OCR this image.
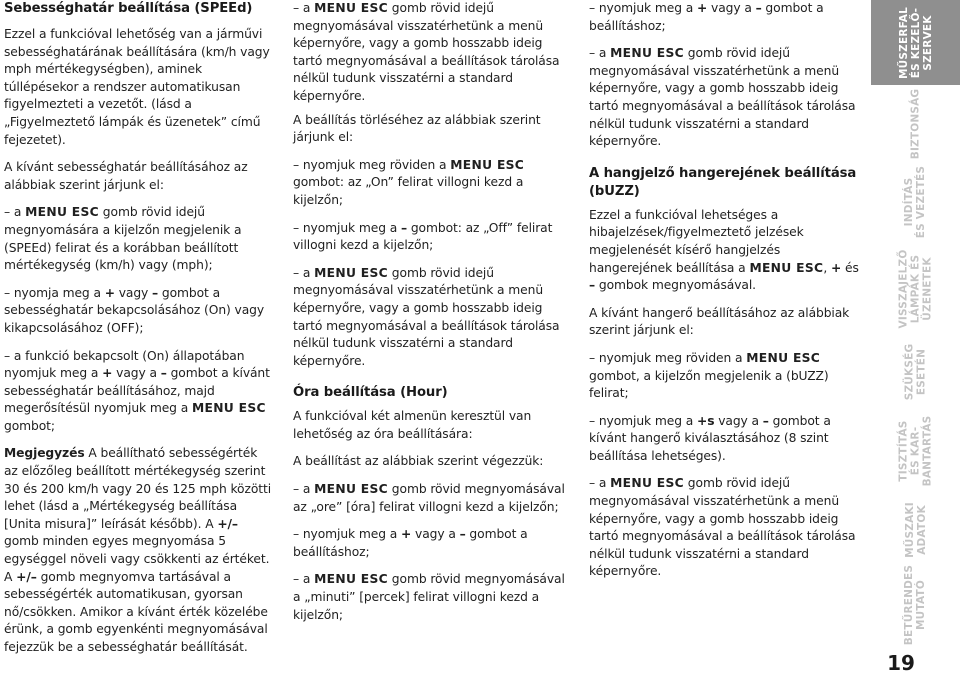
Sebességhatár beállítása (SPEEd)

Ezzel a funkcióval lehetőség van a járművi sebességhatárának beállítására (km/h vagy mph mértékegységben), aminek túllépésekor a rendszer automatikusan figyelmezteti a vezetőt. (lásd a „Figyelmeztető lámpák és üzenetek” című fejezetet).

A kívánt sebességhatár beállításához az alábbiak szerint járjunk el:

– a MENU ESC gomb rövid idejű megnyomására a kijelzőn megjelenik a (SPEEd) felirat és a korábban beállított mértékegység (km/h) vagy (mph);

– nyomja meg a + vagy – gombot a sebességhatár bekapcsolásához (On) vagy kikapcsolásához (OFF);

– a funkció bekapcsolt (On) állapotában nyomjuk meg a + vagy a – gombot a kívánt sebességhatár beállításához, majd megerősítésül nyomjuk meg a MENU ESC gombot;

Megjegyzés A beállítható sebességérték az előzőleg beállított mértékegység szerint 30 és 200 km/h vagy 20 és 125 mph közötti lehet (lásd a „Mértékegység beállítása [Unita misura]” leírását később). A +/– gomb minden egyes megnyomása 5 egységgel növeli vagy csökkenti az értéket. A +/– gomb megnyomva tartásával a sebességérték automatikusan, gyorsan nő/csökken. Amikor a kívánt érték közelébe érünk, a gomb egyenkénti megnyomásával fejezzük be a sebességhatár beállítását.

– a MENU ESC gomb rövid idejű megnyomásával visszatérhetünk a menü képernyőre, vagy a gomb hosszabb ideig tartó megnyomásával a beállítások tárolása nélkül tudunk visszatérni a standard képernyőre.

A beállítás törléséhez az alábbiak szerint járjunk el:

– nyomjuk meg röviden a MENU ESC gombot: az „On” felirat villogni kezd a kijelzőn;

– nyomjuk meg a – gombot: az „Off” felirat villogni kezd a kijelzőn;

– a MENU ESC gomb rövid idejű megnyomásával visszatérhetünk a menü képernyőre, vagy a gomb hosszabb ideig tartó megnyomásával a beállítások tárolása nélkül tudunk visszatérni a standard képernyőre.

Óra beállítása (Hour)

A funkcióval két almenün keresztül van lehetőség az óra beállítására:

A beállítást az alábbiak szerint végezzük:

– a MENU ESC gomb rövid megnyomásával az „ore” [óra] felirat villogni kezd a kijelzőn;

– nyomjuk meg a + vagy a – gombot a beállításhoz;

– a MENU ESC gomb rövid megnyomásával a „minuti” [percek] felirat villogni kezd a kijelzőn;

– nyomjuk meg a + vagy a – gombot a beállításhoz;

– a MENU ESC gomb rövid idejű megnyomásával visszatérhetünk a menü képernyőre, vagy a gomb hosszabb ideig tartó megnyomásával a beállítások tárolása nélkül tudunk visszatérni a standard képernyőre.

A hangjelző hangerejének beállítása (bUZZ)

Ezzel a funkcióval lehetséges a hibajelzések/figyelmeztető jelzések megjelenését kísérő hangjelzés hangerejének beállítása a MENU ESC, + és – gombok megnyomásával.

A kívánt hangerő beállításához az alábbiak szerint járjunk el:

– nyomjuk meg röviden a MENU ESC gombot, a kijelzőn megjelenik a (bUZZ) felirat;

– nyomjuk meg a +s vagy a – gombot a kívánt hangerő kiválasztásához (8 szint beállítása lehetséges).

– a MENU ESC gomb rövid idejű megnyomásával visszatérhetünk a menü képernyőre, vagy a gomb hosszabb ideig tartó megnyomásával a beállítások tárolása nélkül tudunk visszatérni a standard képernyőre.

MŰSZERFAL ÉS KEZELŐ- SZERVEK
BIZTONSÁG
INDÍTÁS ÉS VEZETÉS
VISSZAJELZŐ LÁMPÁK ÉS ÜZENETEK
SZÜKSÉG ESETÉN
TISZTÍTÁS ÉS KAR- BANTARTÁS
MŰSZAKI ADATOK
BETŰRENDES MUTATÓ
19
